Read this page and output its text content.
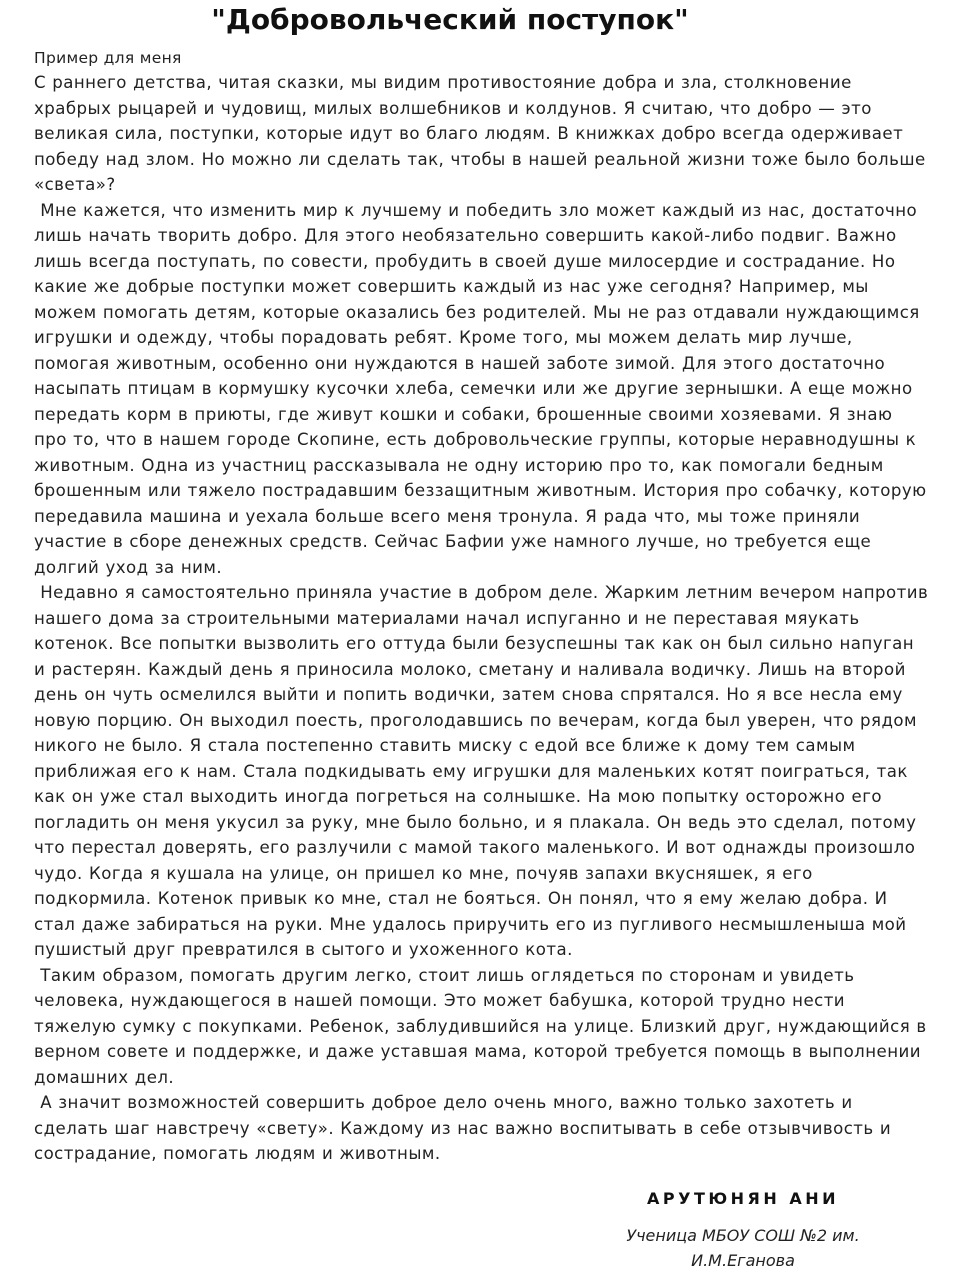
"Добровольческий поступок"

Пример для меня

С раннего детства, читая сказки, мы видим противостояние добра и зла, столкновение храбрых рыцарей и чудовищ, милых волшебников и колдунов. Я считаю, что добро — это великая сила, поступки, которые идут во благо людям. В книжках добро всегда одерживает победу над злом. Но можно ли сделать так, чтобы в нашей реальной жизни тоже было больше «света»?

Мне кажется, что изменить мир к лучшему и победить зло может каждый из нас, достаточно лишь начать творить добро. Для этого необязательно совершить какой-либо подвиг. Важно лишь всегда поступать, по совести, пробудить в своей душе милосердие и сострадание. Но какие же добрые поступки может совершить каждый из нас уже сегодня? Например, мы можем помогать детям, которые оказались без родителей. Мы не раз отдавали нуждающимся игрушки и одежду, чтобы порадовать ребят. Кроме того, мы можем делать мир лучше, помогая животным, особенно они нуждаются в нашей заботе зимой. Для этого достаточно насыпать птицам в кормушку кусочки хлеба, семечки или же другие зернышки. А еще можно передать корм в приюты, где живут кошки и собаки, брошенные своими хозяевами. Я знаю про то, что в нашем городе Скопине, есть добровольческие группы, которые неравнодушны к животным. Одна из участниц рассказывала не одну историю про то, как помогали бедным брошенным или тяжело пострадавшим беззащитным животным. История про собачку, которую передавила машина и уехала больше всего меня тронула. Я рада что, мы тоже приняли участие в сборе денежных средств. Сейчас Бафии уже намного лучше, но требуется еще долгий уход за ним.

Недавно я самостоятельно приняла участие в добром деле. Жарким летним вечером напротив нашего дома за строительными материалами начал испуганно и не переставая мяукать котенок. Все попытки вызволить его оттуда были безуспешны так как он был сильно напуган и растерян. Каждый день я приносила молоко, сметану и наливала водичку. Лишь на второй день он чуть осмелился выйти и попить водички, затем снова спрятался. Но я все несла ему новую порцию. Он выходил поесть, проголодавшись по вечерам, когда был уверен, что рядом никого не было. Я стала постепенно ставить миску с едой все ближе к дому тем самым приближая его к нам. Стала подкидывать ему игрушки для маленьких котят поиграться, так как он уже стал выходить иногда погреться на солнышке. На мою попытку осторожно его погладить он меня укусил за руку, мне было больно, и я плакала. Он ведь это сделал, потому что перестал доверять, его разлучили с мамой такого маленького. И вот однажды произошло чудо. Когда я кушала на улице, он пришел ко мне, почуяв запахи вкусняшек, я его подкормила. Котенок привык ко мне, стал не бояться. Он понял, что я ему желаю добра. И стал даже забираться на руки. Мне удалось приручить его из пугливого несмышленыша мой пушистый друг превратился в сытого и ухоженного кота.

Таким образом, помогать другим легко, стоит лишь оглядеться по сторонам и увидеть человека, нуждающегося в нашей помощи. Это может бабушка, которой трудно нести тяжелую сумку с покупками. Ребенок, заблудившийся на улице. Близкий друг, нуждающийся в верном совете и поддержке, и даже уставшая мама, которой требуется помощь в выполнении домашних дел.

А значит возможностей совершить доброе дело очень много, важно только захотеть и сделать шаг навстречу «свету». Каждому из нас важно воспитывать в себе отзывчивость и сострадание, помогать людям и животным.

АРУТЮНЯН АНИ

Ученица МБОУ СОШ №2 им. И.М.Еганова
